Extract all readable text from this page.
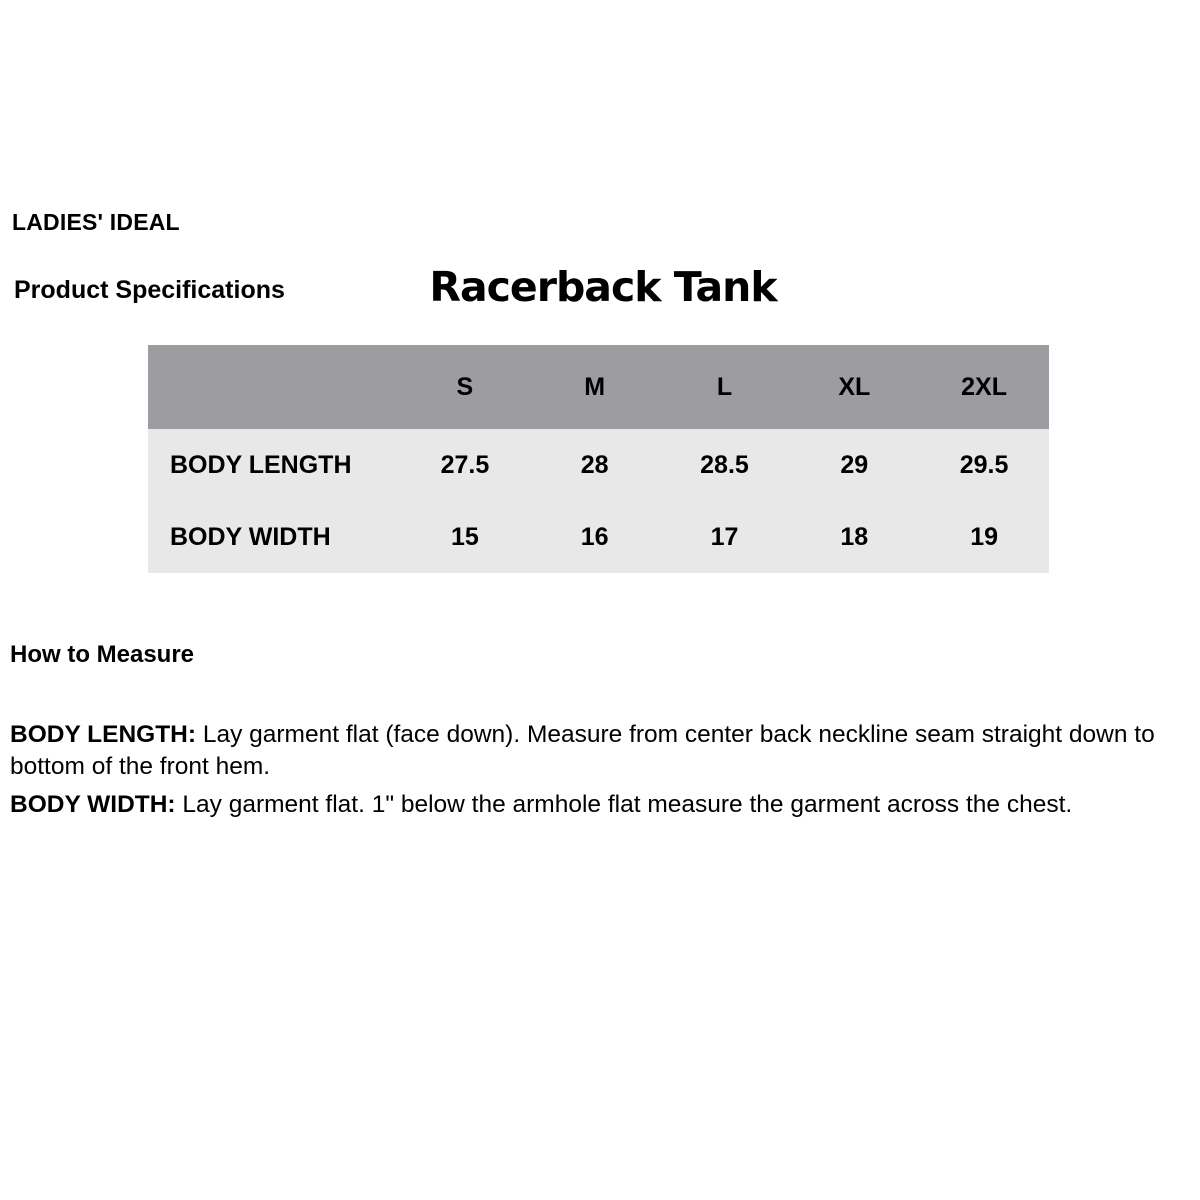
LADIES' IDEAL
Product Specifications	Racerback Tank
	S	M	L	XL	2XL
BODY LENGTH	27.5	28	28.5	29	29.5
BODY WIDTH	15	16	17	18	19
How to Measure

BODY LENGTH: Lay garment flat (face down). Measure from center back neckline seam straight down to bottom of the front hem.

BODY WIDTH: Lay garment flat. 1" below the armhole flat measure the garment across the chest.
